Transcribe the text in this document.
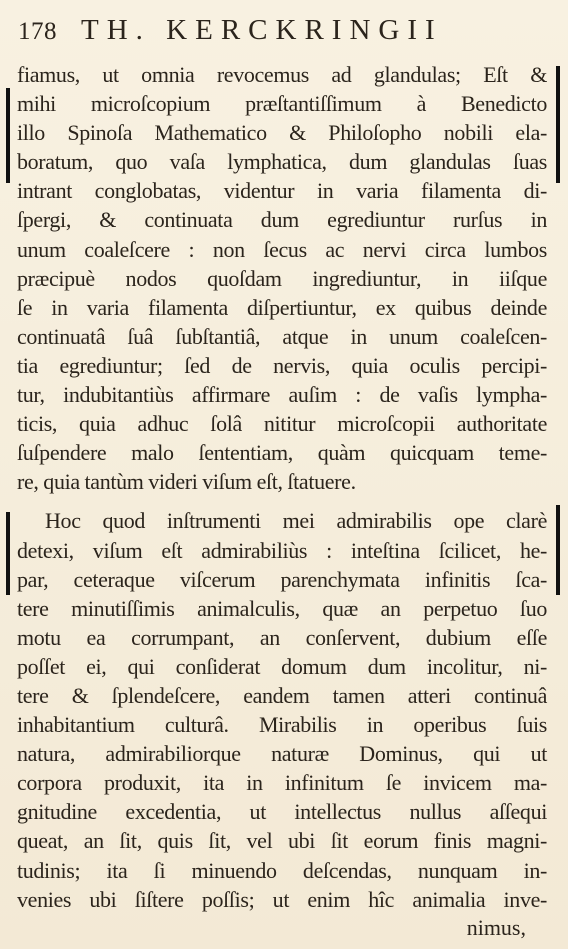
178 TH. KERCKRINGII
fiamus, ut omnia revocemus ad glandulas; Eſt &
mihi microſcopium præſtantiſſimum à Benedicto
illo Spinoſa Mathematico & Philoſopho nobili ela-
boratum, quo vaſa lymphatica, dum glandulas ſuas
intrant conglobatas, videntur in varia filamenta di-
ſpergi, & continuata dum egrediuntur rurſus in
unum coaleſcere : non ſecus ac nervi circa lumbos
præcipuè nodos quoſdam ingrediuntur, in iiſque
ſe in varia filamenta diſpertiuntur, ex quibus deinde
continuatâ ſuâ ſubſtantiâ, atque in unum coaleſcen-
tia egrediuntur; ſed de nervis, quia oculis percipi-
tur, indubitantiùs affirmare auſim : de vaſis lympha-
ticis, quia adhuc ſolâ nititur microſcopii authoritate
ſuſpendere malo ſententiam, quàm quicquam teme-
re, quia tantùm videri viſum eſt, ſtatuere.
Hoc quod inſtrumenti mei admirabilis ope clarè
detexi, viſum eſt admirabiliùs : inteſtina ſcilicet, he-
par, ceteraque viſcerum parenchymata infinitis ſca-
tere minutiſſimis animalculis, quæ an perpetuo ſuo
motu ea corrumpant, an conſervent, dubium eſſe
poſſet ei, qui conſiderat domum dum incolitur, ni-
tere & ſplendeſcere, eandem tamen atteri continuâ
inhabitantium culturâ. Mirabilis in operibus ſuis
natura, admirabiliorque naturæ Dominus, qui ut
corpora produxit, ita in infinitum ſe invicem ma-
gnitudine excedentia, ut intellectus nullus aſſequi
queat, an ſit, quis ſit, vel ubi ſit eorum finis magni-
tudinis; ita ſi minuendo deſcendas, nunquam in-
venies ubi ſiſtere poſſis; ut enim hîc animalia inve-
nimus,
